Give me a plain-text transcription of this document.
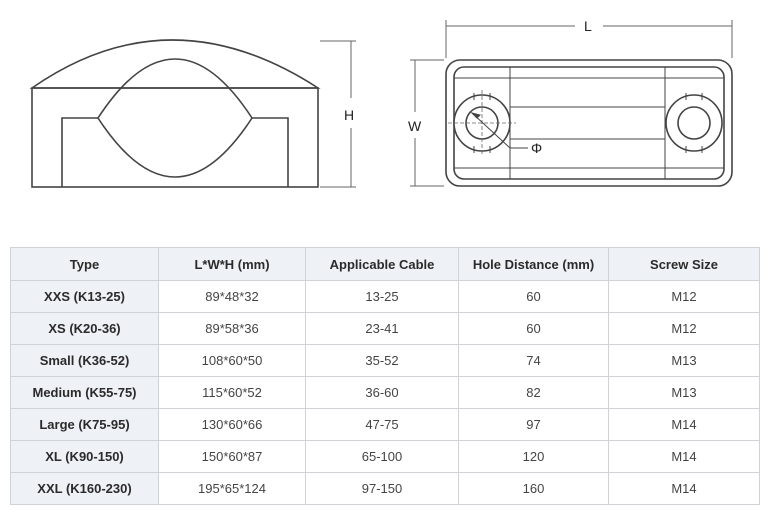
H
Φ
L
W
Type	L*W*H (mm)	Applicable Cable	Hole Distance (mm)	Screw Size
XXS (K13-25)	89*48*32	13-25	60	M12
XS (K20-36)	89*58*36	23-41	60	M12
Small (K36-52)	108*60*50	35-52	74	M13
Medium (K55-75)	115*60*52	36-60	82	M13
Large (K75-95)	130*60*66	47-75	97	M14
XL (K90-150)	150*60*87	65-100	120	M14
XXL (K160-230)	195*65*124	97-150	160	M14
